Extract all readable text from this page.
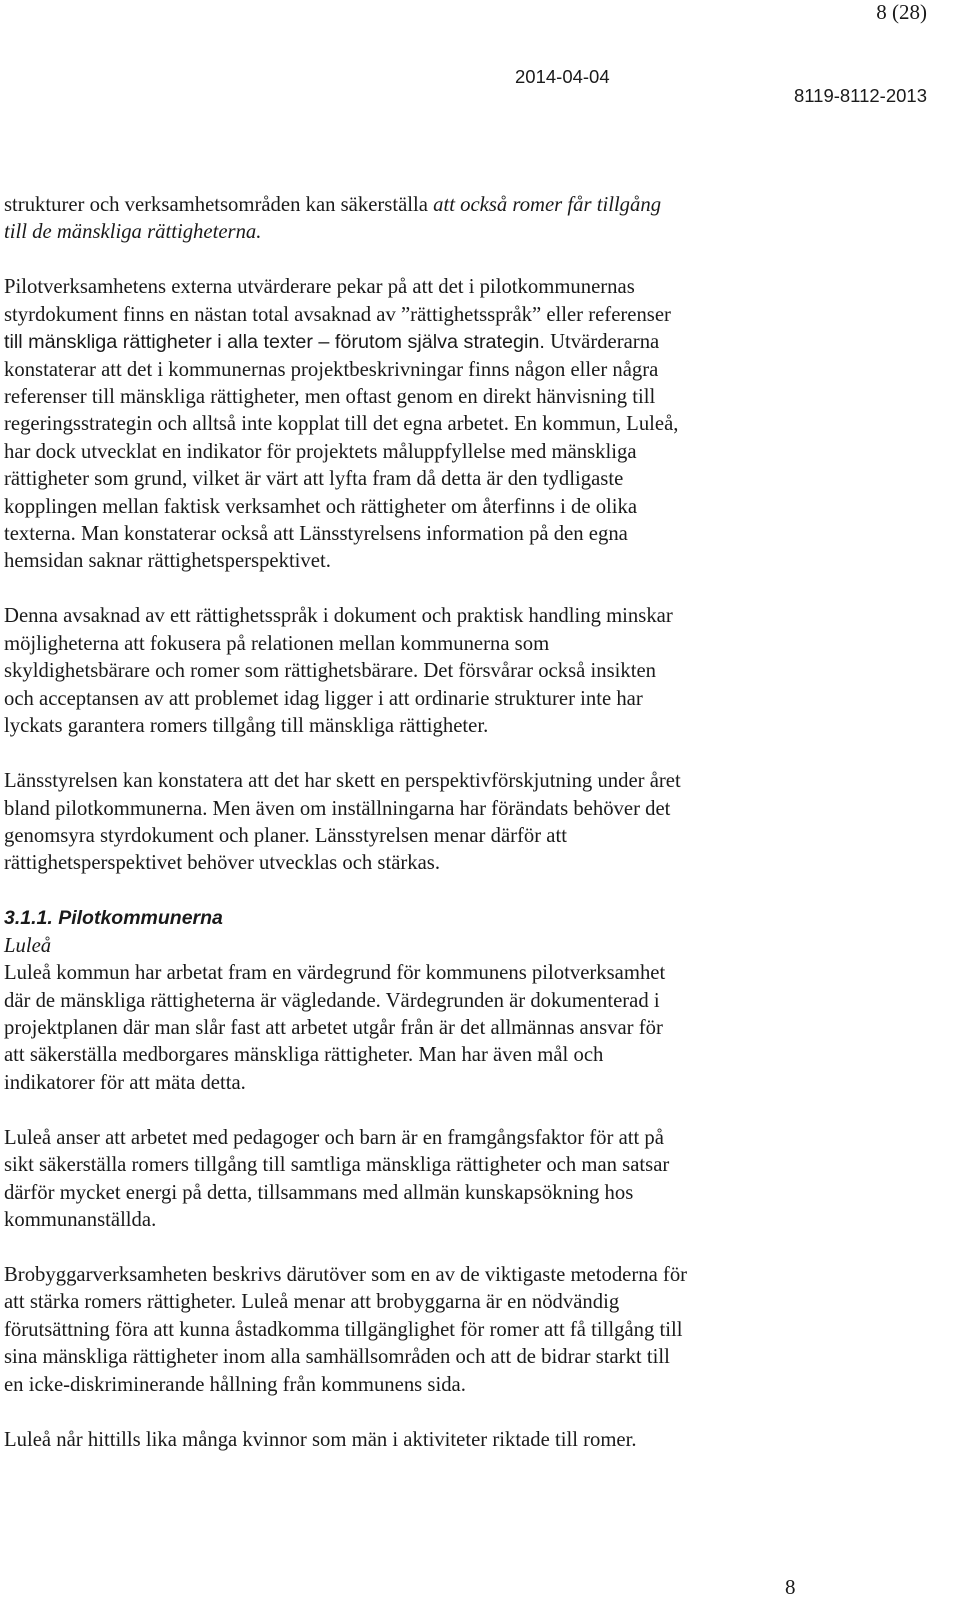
8 (28)
2014-04-04
8119-8112-2013

strukturer och verksamhetsområden kan säkerställa att också romer får tillgång
till de mänskliga rättigheterna.

Pilotverksamhetens externa utvärderare pekar på att det i pilotkommunernas
styrdokument finns en nästan total avsaknad av ”rättighetsspråk” eller referenser
till mänskliga rättigheter i alla texter – förutom själva strategin. Utvärderarna
konstaterar att det i kommunernas projektbeskrivningar finns någon eller några
referenser till mänskliga rättigheter, men oftast genom en direkt hänvisning till
regeringsstrategin och alltså inte kopplat till det egna arbetet. En kommun, Luleå,
har dock utvecklat en indikator för projektets måluppfyllelse med mänskliga
rättigheter som grund, vilket är värt att lyfta fram då detta är den tydligaste
kopplingen mellan faktisk verksamhet och rättigheter om återfinns i de olika
texterna. Man konstaterar också att Länsstyrelsens information på den egna
hemsidan saknar rättighetsperspektivet.

Denna avsaknad av ett rättighetsspråk i dokument och praktisk handling minskar
möjligheterna att fokusera på relationen mellan kommunerna som
skyldighetsbärare och romer som rättighetsbärare. Det försvårar också insikten
och acceptansen av att problemet idag ligger i att ordinarie strukturer inte har
lyckats garantera romers tillgång till mänskliga rättigheter.

Länsstyrelsen kan konstatera att det har skett en perspektivförskjutning under året
bland pilotkommunerna. Men även om inställningarna har förändats behöver det
genomsyra styrdokument och planer. Länsstyrelsen menar därför att
rättighetsperspektivet behöver utvecklas och stärkas.

3.1.1. Pilotkommunerna
Luleå

Luleå kommun har arbetat fram en värdegrund för kommunens pilotverksamhet
där de mänskliga rättigheterna är vägledande. Värdegrunden är dokumenterad i
projektplanen där man slår fast att arbetet utgår från är det allmännas ansvar för
att säkerställa medborgares mänskliga rättigheter. Man har även mål och
indikatorer för att mäta detta.

Luleå anser att arbetet med pedagoger och barn är en framgångsfaktor för att på
sikt säkerställa romers tillgång till samtliga mänskliga rättigheter och man satsar
därför mycket energi på detta, tillsammans med allmän kunskapsökning hos
kommunanställda.

Brobyggarverksamheten beskrivs därutöver som en av de viktigaste metoderna för
att stärka romers rättigheter. Luleå menar att brobyggarna är en nödvändig
förutsättning föra att kunna åstadkomma tillgänglighet för romer att få tillgång till
sina mänskliga rättigheter inom alla samhällsområden och att de bidrar starkt till
en icke-diskriminerande hållning från kommunens sida.

Luleå når hittills lika många kvinnor som män i aktiviteter riktade till romer.

8
